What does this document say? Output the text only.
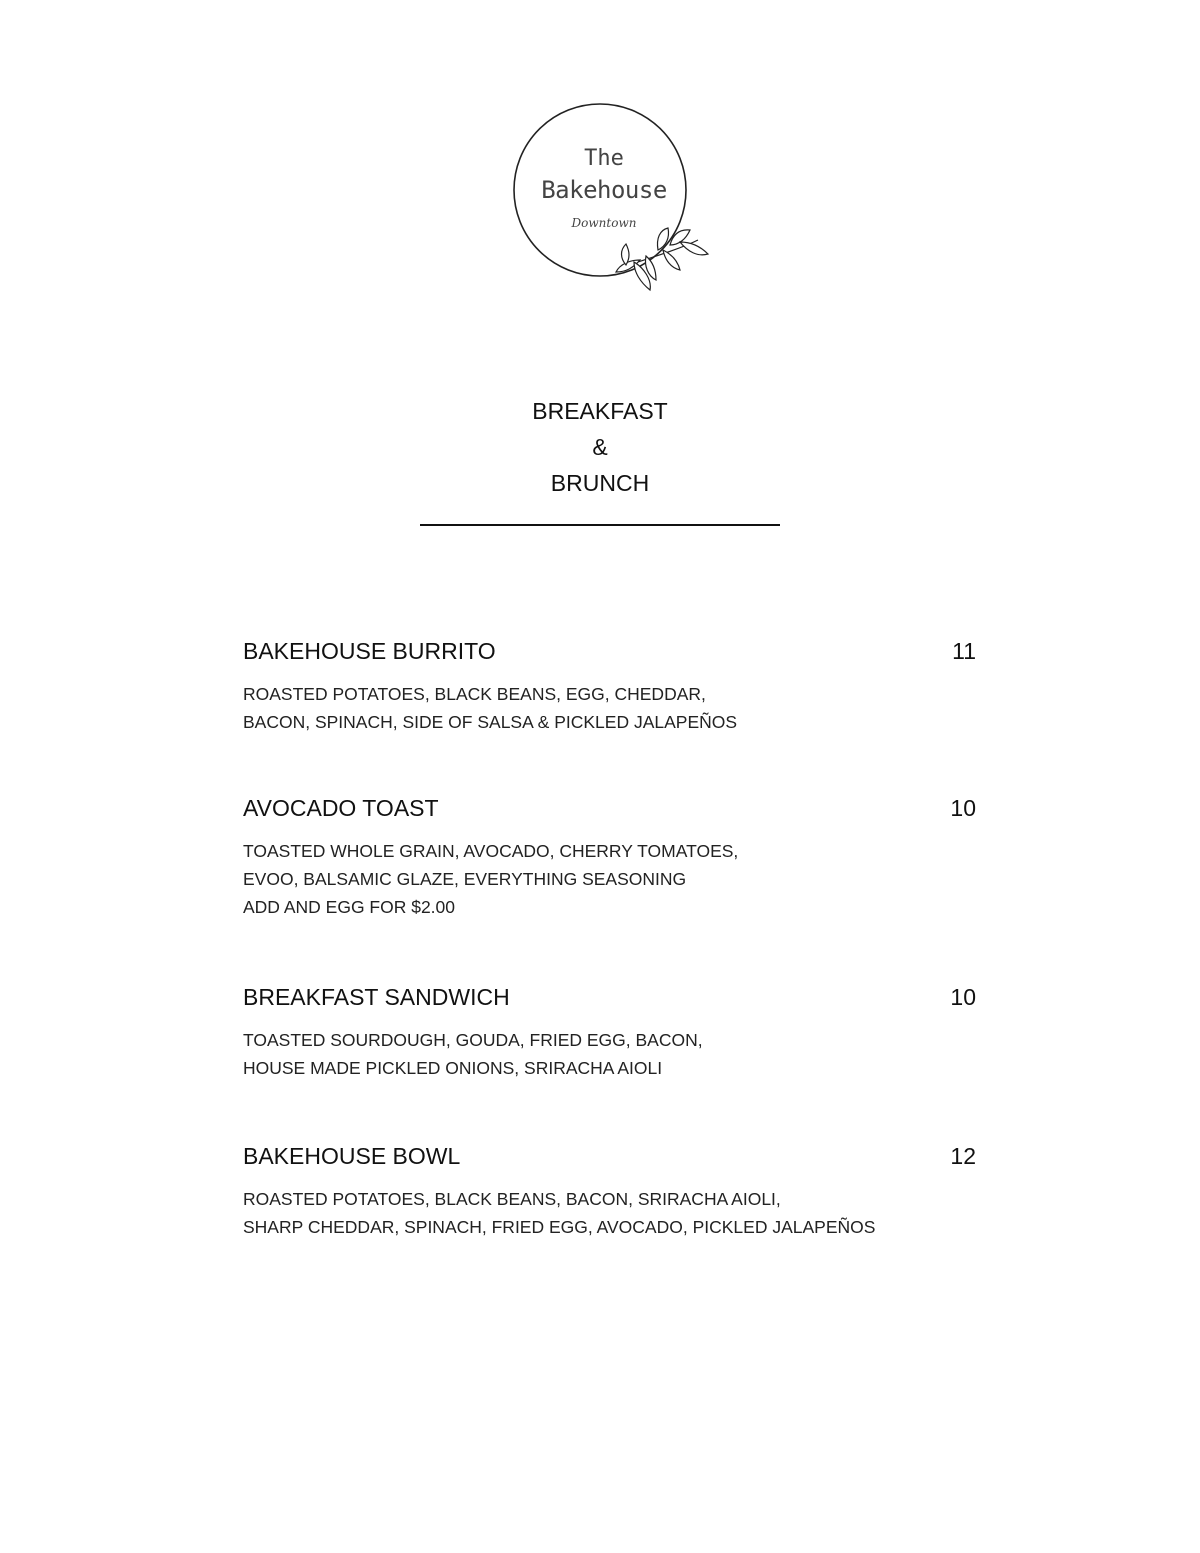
The
Bakehouse
Downtown
BREAKFAST
&
BRUNCH
BAKEHOUSE BURRITO	11
ROASTED POTATOES, BLACK BEANS, EGG, CHEDDAR,
BACON, SPINACH, SIDE OF SALSA & PICKLED JALAPEÑOS
AVOCADO TOAST	10
TOASTED WHOLE GRAIN, AVOCADO, CHERRY TOMATOES,
EVOO, BALSAMIC GLAZE, EVERYTHING SEASONING
ADD AND EGG FOR $2.00
BREAKFAST SANDWICH	10
TOASTED SOURDOUGH, GOUDA, FRIED EGG, BACON,
HOUSE MADE PICKLED ONIONS, SRIRACHA AIOLI
BAKEHOUSE BOWL	12
ROASTED POTATOES, BLACK BEANS, BACON, SRIRACHA AIOLI,
SHARP CHEDDAR, SPINACH, FRIED EGG, AVOCADO, PICKLED JALAPEÑOS
